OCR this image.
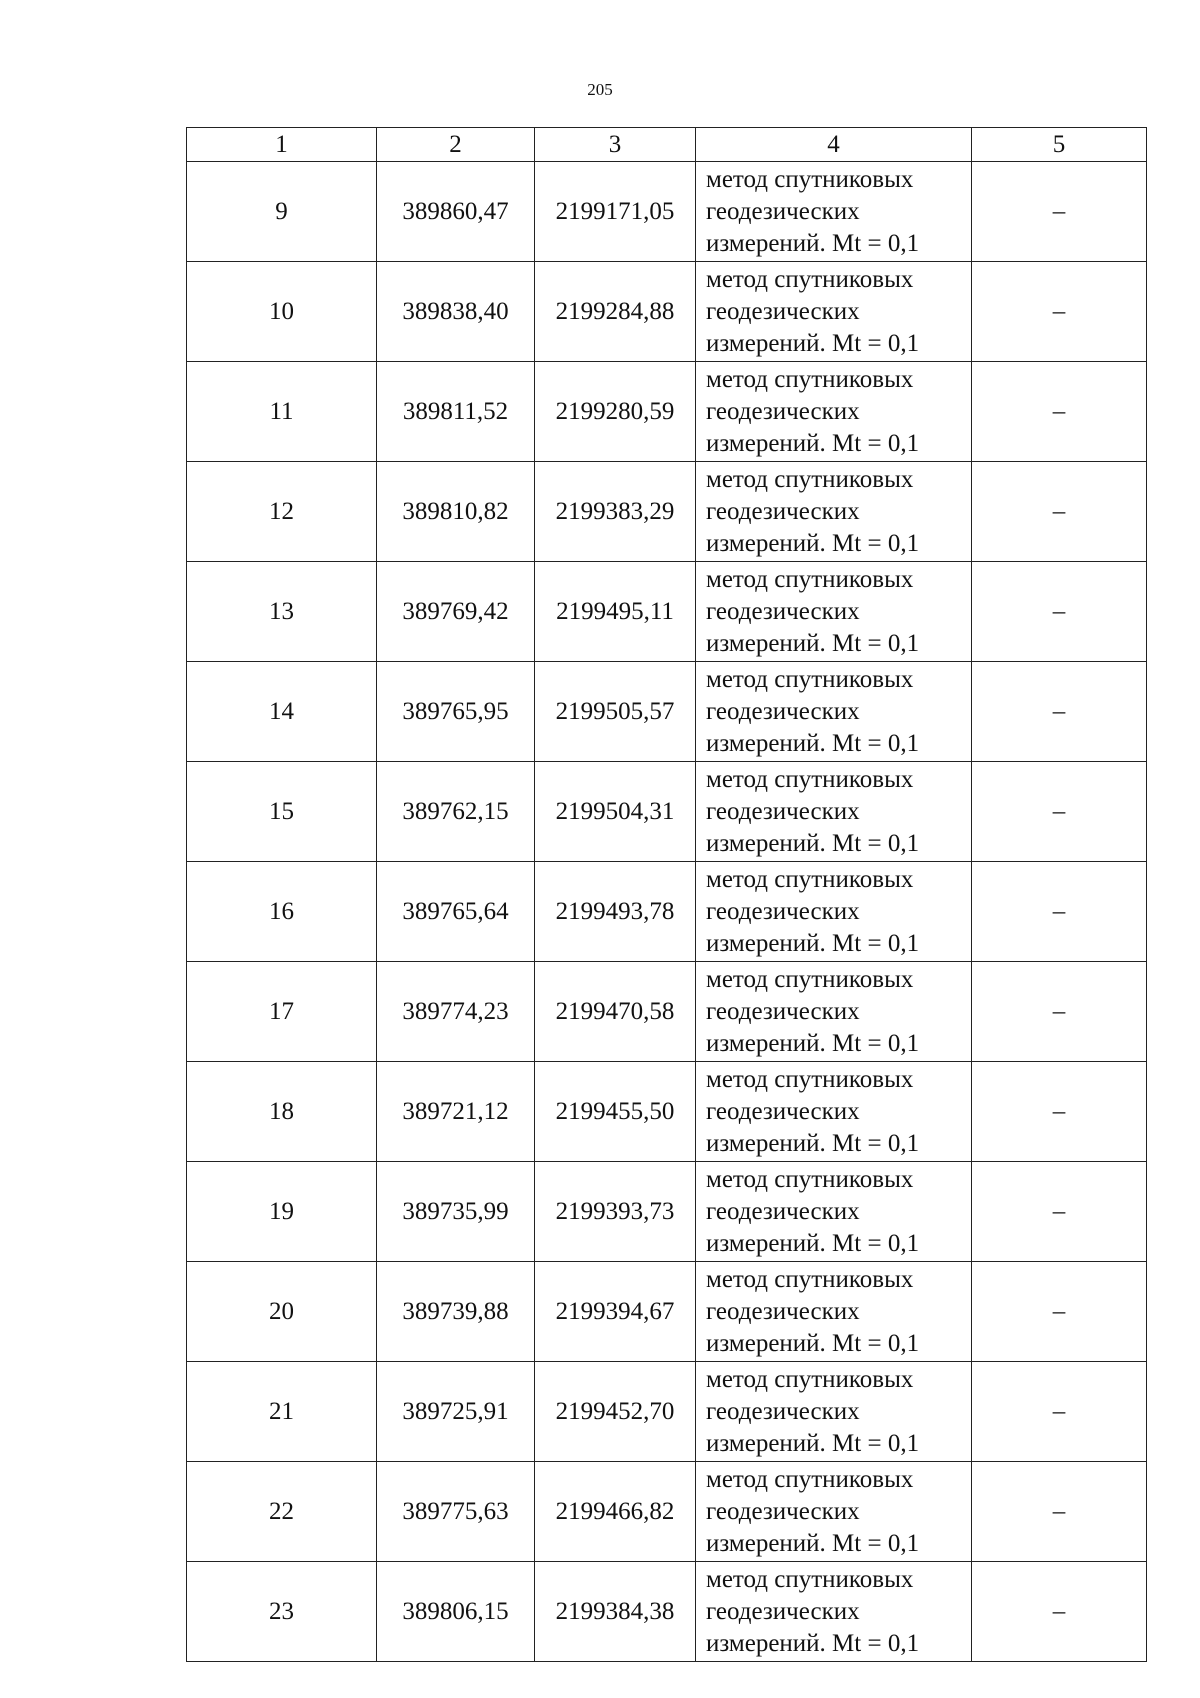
205
1	2	3	4	5
9	389860,47	2199171,05	метод спутниковых
геодезических
измерений. Mt = 0,1	–
10	389838,40	2199284,88	метод спутниковых
геодезических
измерений. Mt = 0,1	–
11	389811,52	2199280,59	метод спутниковых
геодезических
измерений. Mt = 0,1	–
12	389810,82	2199383,29	метод спутниковых
геодезических
измерений. Mt = 0,1	–
13	389769,42	2199495,11	метод спутниковых
геодезических
измерений. Mt = 0,1	–
14	389765,95	2199505,57	метод спутниковых
геодезических
измерений. Mt = 0,1	–
15	389762,15	2199504,31	метод спутниковых
геодезических
измерений. Mt = 0,1	–
16	389765,64	2199493,78	метод спутниковых
геодезических
измерений. Mt = 0,1	–
17	389774,23	2199470,58	метод спутниковых
геодезических
измерений. Mt = 0,1	–
18	389721,12	2199455,50	метод спутниковых
геодезических
измерений. Mt = 0,1	–
19	389735,99	2199393,73	метод спутниковых
геодезических
измерений. Mt = 0,1	–
20	389739,88	2199394,67	метод спутниковых
геодезических
измерений. Mt = 0,1	–
21	389725,91	2199452,70	метод спутниковых
геодезических
измерений. Mt = 0,1	–
22	389775,63	2199466,82	метод спутниковых
геодезических
измерений. Mt = 0,1	–
23	389806,15	2199384,38	метод спутниковых
геодезических
измерений. Mt = 0,1	–
